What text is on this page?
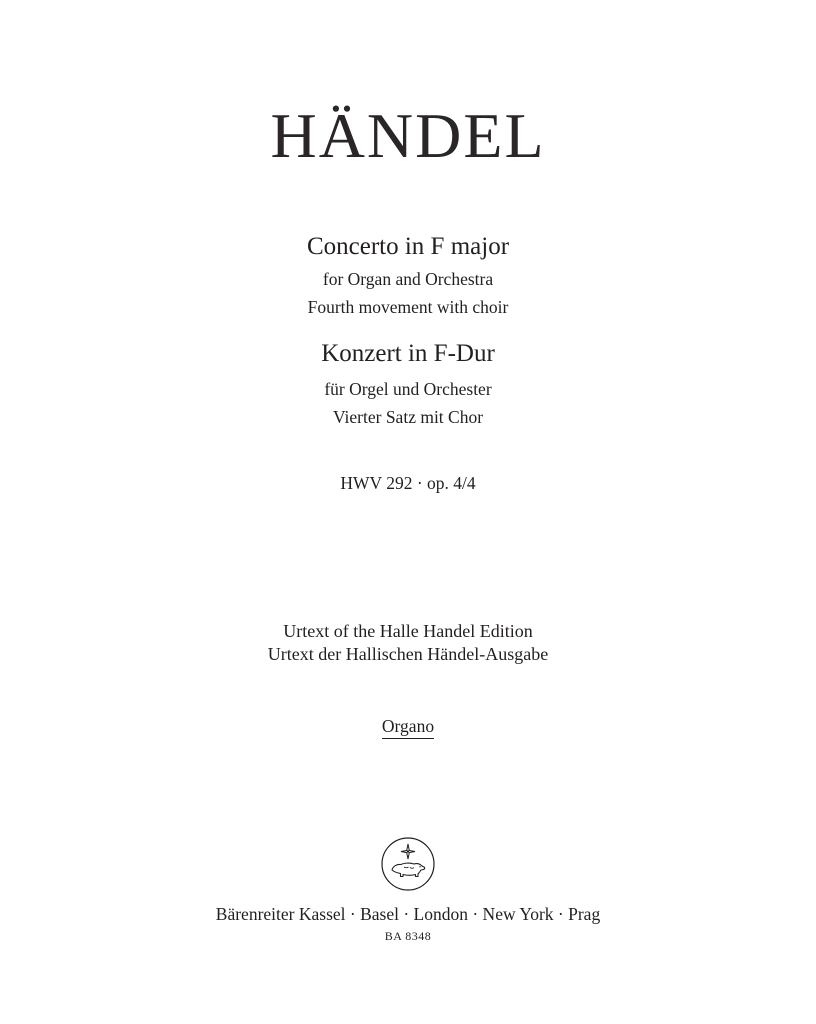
HÄNDEL
Concerto in F major
for Organ and Orchestra
Fourth movement with choir
Konzert in F-Dur
für Orgel und Orchester
Vierter Satz mit Chor
HWV 292 · op. 4/4
Urtext of the Halle Handel Edition
Urtext der Hallischen Händel-Ausgabe
Organo
Bärenreiter Kassel · Basel · London · New York · Prag
BA 8348
